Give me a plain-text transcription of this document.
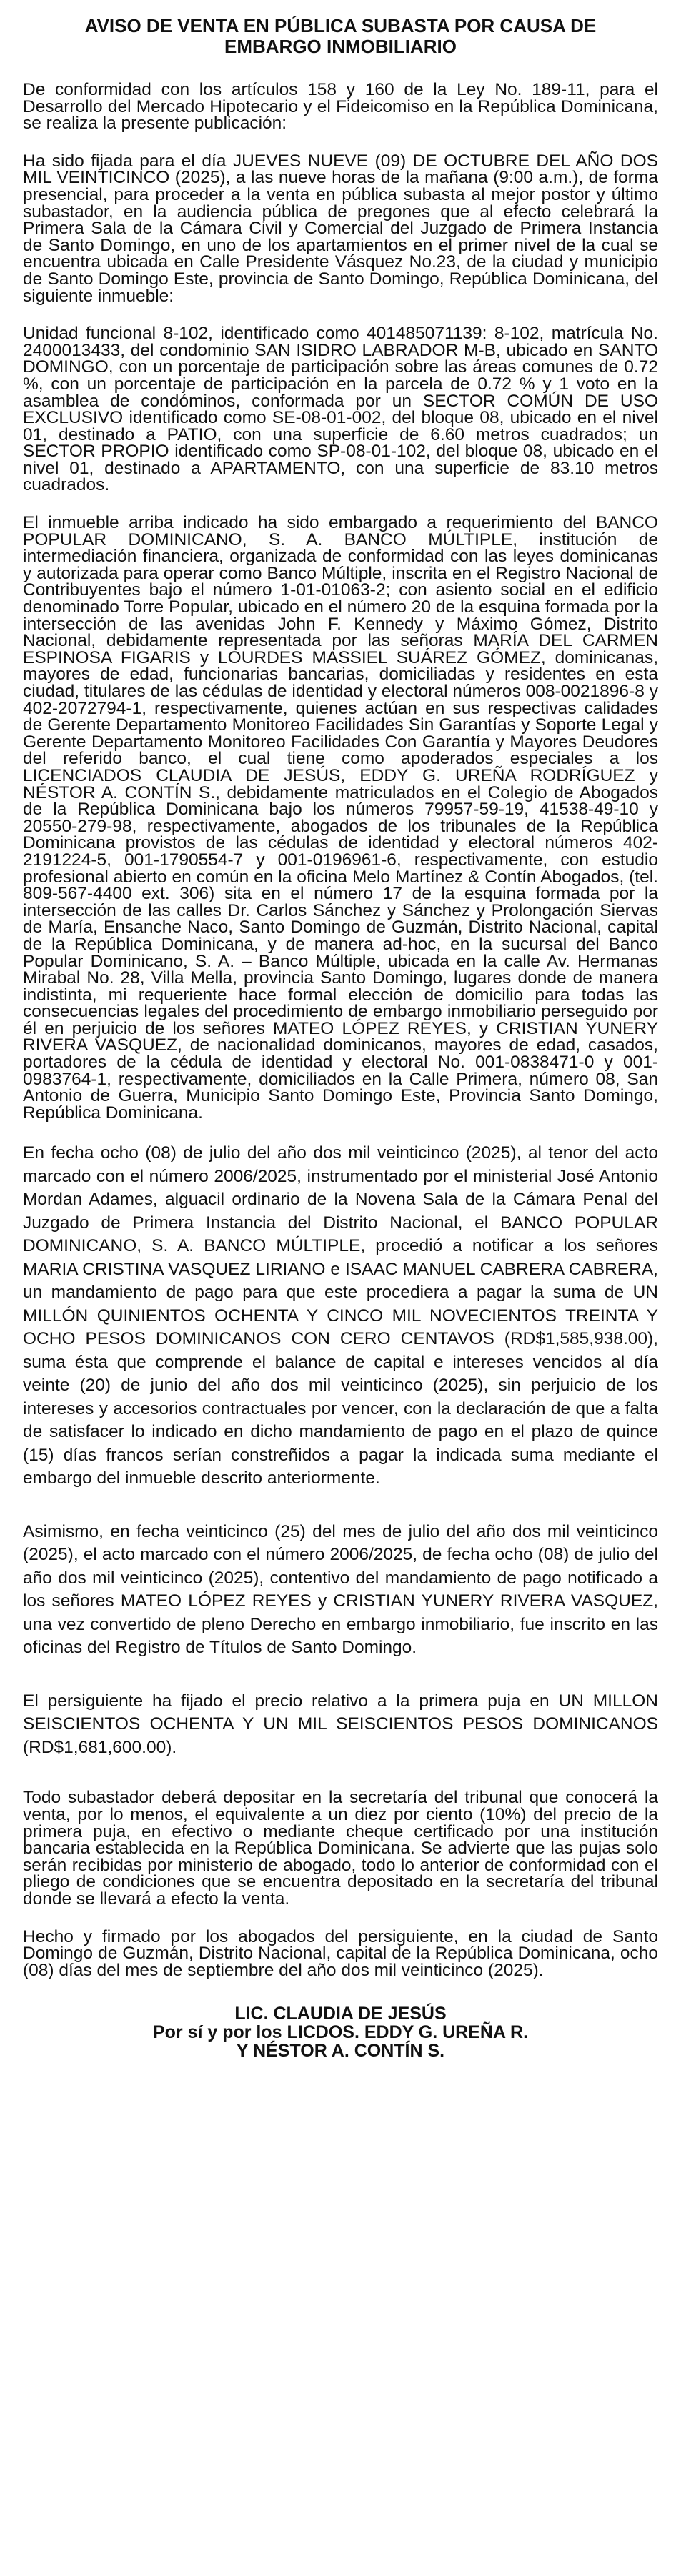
AVISO DE VENTA EN PÚBLICA SUBASTA POR CAUSA DE EMBARGO INMOBILIARIO

De conformidad con los artículos 158 y 160 de la Ley No. 189-11, para el Desarrollo del Mercado Hipotecario y el Fideicomiso en la República Dominicana, se realiza la presente publicación:

Ha sido fijada para el día JUEVES NUEVE (09) DE OCTUBRE DEL AÑO DOS MIL VEINTICINCO (2025), a las nueve horas de la mañana (9:00 a.m.), de forma presencial, para proceder a la venta en pública subasta al mejor postor y último subastador, en la audiencia pública de pregones que al efecto celebrará la Primera Sala de la Cámara Civil y Comercial del Juzgado de Primera Instancia de Santo Domingo, en uno de los apartamientos en el primer nivel de la cual se encuentra ubicada en Calle Presidente Vásquez No.23, de la ciudad y municipio de Santo Domingo Este, provincia de Santo Domingo, República Dominicana, del siguiente inmueble:

Unidad funcional 8-102, identificado como 401485071139: 8-102, matrícula No. 2400013433, del condominio SAN ISIDRO LABRADOR M-B, ubicado en SANTO DOMINGO, con un porcentaje de participación sobre las áreas comunes de 0.72 %, con un porcentaje de participación en la parcela de 0.72 % y 1 voto en la asamblea de condóminos, conformada por un SECTOR COMÚN DE USO EXCLUSIVO identificado como SE-08-01-002, del bloque 08, ubicado en el nivel 01, destinado a PATIO, con una superficie de 6.60 metros cuadrados; un SECTOR PROPIO identificado como SP-08-01-102, del bloque 08, ubicado en el nivel 01, destinado a APARTAMENTO, con una superficie de 83.10 metros cuadrados.

El inmueble arriba indicado ha sido embargado a requerimiento del BANCO POPULAR DOMINICANO, S. A. BANCO MÚLTIPLE, institución de intermediación financiera, organizada de conformidad con las leyes dominicanas y autorizada para operar como Banco Múltiple, inscrita en el Registro Nacional de Contribuyentes bajo el número 1-01-01063-2; con asiento social en el edificio denominado Torre Popular, ubicado en el número 20 de la esquina formada por la intersección de las avenidas John F. Kennedy y Máximo Gómez, Distrito Nacional, debidamente representada por las señoras MARÍA DEL CARMEN ESPINOSA FIGARIS y LOURDES MASSIEL SUÁREZ GÓMEZ, dominicanas, mayores de edad, funcionarias bancarias, domiciliadas y residentes en esta ciudad, titulares de las cédulas de identidad y electoral números 008-0021896-8 y 402-2072794-1, respectivamente, quienes actúan en sus respectivas calidades de Gerente Departamento Monitoreo Facilidades Sin Garantías y Soporte Legal y Gerente Departamento Monitoreo Facilidades Con Garantía y Mayores Deudores del referido banco, el cual tiene como apoderados especiales a los LICENCIADOS CLAUDIA DE JESÚS, EDDY G. UREÑA RODRÍGUEZ y NÉSTOR A. CONTÍN S., debidamente matriculados en el Colegio de Abogados de la República Dominicana bajo los números 79957-59-19, 41538-49-10 y 20550-279-98, respectivamente, abogados de los tribunales de la República Dominicana provistos de las cédulas de identidad y electoral números 402-2191224-5, 001-1790554-7 y 001-0196961-6, respectivamente, con estudio profesional abierto en común en la oficina Melo Martínez & Contín Abogados, (tel. 809-567-4400 ext. 306) sita en el número 17 de la esquina formada por la intersección de las calles Dr. Carlos Sánchez y Sánchez y Prolongación Siervas de María, Ensanche Naco, Santo Domingo de Guzmán, Distrito Nacional, capital de la República Dominicana, y de manera ad-hoc, en la sucursal del Banco Popular Dominicano, S. A. – Banco Múltiple, ubicada en la calle Av. Hermanas Mirabal No. 28, Villa Mella, provincia Santo Domingo, lugares donde de manera indistinta, mi requeriente hace formal elección de domicilio para todas las consecuencias legales del procedimiento de embargo inmobiliario perseguido por él en perjuicio de los señores MATEO LÓPEZ REYES, y CRISTIAN YUNERY RIVERA VASQUEZ, de nacionalidad dominicanos, mayores de edad, casados, portadores de la cédula de identidad y electoral No. 001-0838471-0 y 001-0983764-1, respectivamente, domiciliados en la Calle Primera, número 08, San Antonio de Guerra, Municipio Santo Domingo Este, Provincia Santo Domingo, República Dominicana.

En fecha ocho (08) de julio del año dos mil veinticinco (2025), al tenor del acto marcado con el número 2006/2025, instrumentado por el ministerial José Antonio Mordan Adames, alguacil ordinario de la Novena Sala de la Cámara Penal del Juzgado de Primera Instancia del Distrito Nacional, el BANCO POPULAR DOMINICANO, S. A. BANCO MÚLTIPLE, procedió a notificar a los señores MARIA CRISTINA VASQUEZ LIRIANO e ISAAC MANUEL CABRERA CABRERA, un mandamiento de pago para que este procediera a pagar la suma de UN MILLÓN QUINIENTOS OCHENTA Y CINCO MIL NOVECIENTOS TREINTA Y OCHO PESOS DOMINICANOS CON CERO CENTAVOS (RD$1,585,938.00), suma ésta que comprende el balance de capital e intereses vencidos al día veinte (20) de junio del año dos mil veinticinco (2025), sin perjuicio de los intereses y accesorios contractuales por vencer, con la declaración de que a falta de satisfacer lo indicado en dicho mandamiento de pago en el plazo de quince (15) días francos serían constreñidos a pagar la indicada suma mediante el embargo del inmueble descrito anteriormente.

Asimismo, en fecha veinticinco (25) del mes de julio del año dos mil veinticinco (2025), el acto marcado con el número 2006/2025, de fecha ocho (08) de julio del año dos mil veinticinco (2025), contentivo del mandamiento de pago notificado a los señores MATEO LÓPEZ REYES y CRISTIAN YUNERY RIVERA VASQUEZ, una vez convertido de pleno Derecho en embargo inmobiliario, fue inscrito en las oficinas del Registro de Títulos de Santo Domingo.

El persiguiente ha fijado el precio relativo a la primera puja en UN MILLON SEISCIENTOS OCHENTA Y UN MIL SEISCIENTOS PESOS DOMINICANOS (RD$1,681,600.00).

Todo subastador deberá depositar en la secretaría del tribunal que conocerá la venta, por lo menos, el equivalente a un diez por ciento (10%) del precio de la primera puja, en efectivo o mediante cheque certificado por una institución bancaria establecida en la República Dominicana. Se advierte que las pujas solo serán recibidas por ministerio de abogado, todo lo anterior de conformidad con el pliego de condiciones que se encuentra depositado en la secretaría del tribunal donde se llevará a efecto la venta.

Hecho y firmado por los abogados del persiguiente, en la ciudad de Santo Domingo de Guzmán, Distrito Nacional, capital de la República Dominicana, ocho (08) días del mes de septiembre del año dos mil veinticinco (2025).

LIC. CLAUDIA DE JESÚS
Por sí y por los LICDOS. EDDY G. UREÑA R.
Y NÉSTOR A. CONTÍN S.
